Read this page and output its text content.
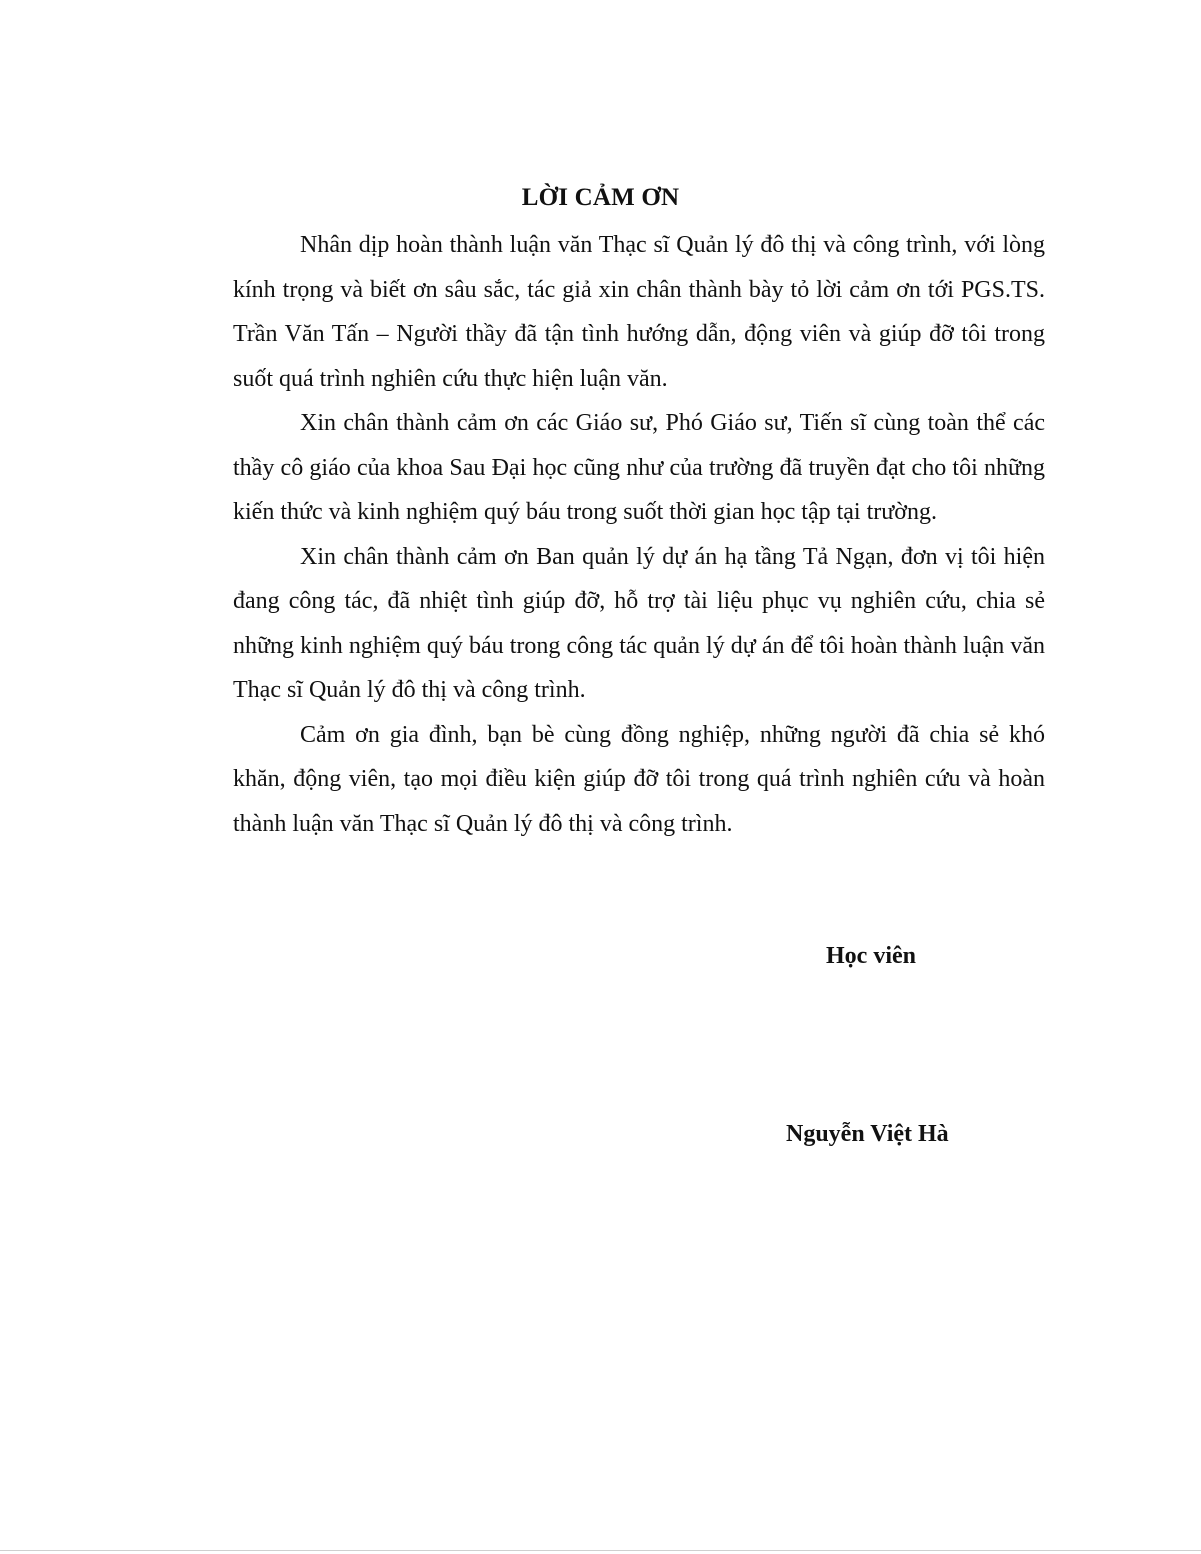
LỜI CẢM ƠN

Nhân dịp hoàn thành luận văn Thạc sĩ Quản lý đô thị và công trình, với lòng kính trọng và biết ơn sâu sắc, tác giả xin chân thành bày tỏ lời cảm ơn tới PGS.TS. Trần Văn Tấn – Người thầy đã tận tình hướng dẫn, động viên và giúp đỡ tôi trong suốt quá trình nghiên cứu thực hiện luận văn.

Xin chân thành cảm ơn các Giáo sư, Phó Giáo sư, Tiến sĩ cùng toàn thể các thầy cô giáo của khoa Sau Đại học cũng như của trường đã truyền đạt cho tôi những kiến thức và kinh nghiệm quý báu trong suốt thời gian học tập tại trường.

Xin chân thành cảm ơn Ban quản lý dự án hạ tầng Tả Ngạn, đơn vị tôi hiện đang công tác, đã nhiệt tình giúp đỡ, hỗ trợ tài liệu phục vụ nghiên cứu, chia sẻ những kinh nghiệm quý báu trong công tác quản lý dự án để tôi hoàn thành luận văn Thạc sĩ Quản lý đô thị và công trình.

Cảm ơn gia đình, bạn bè cùng đồng nghiệp, những người đã chia sẻ khó khăn, động viên, tạo mọi điều kiện giúp đỡ tôi trong quá trình nghiên cứu và hoàn thành luận văn Thạc sĩ Quản lý đô thị và công trình.

Học viên
Nguyễn Việt Hà
